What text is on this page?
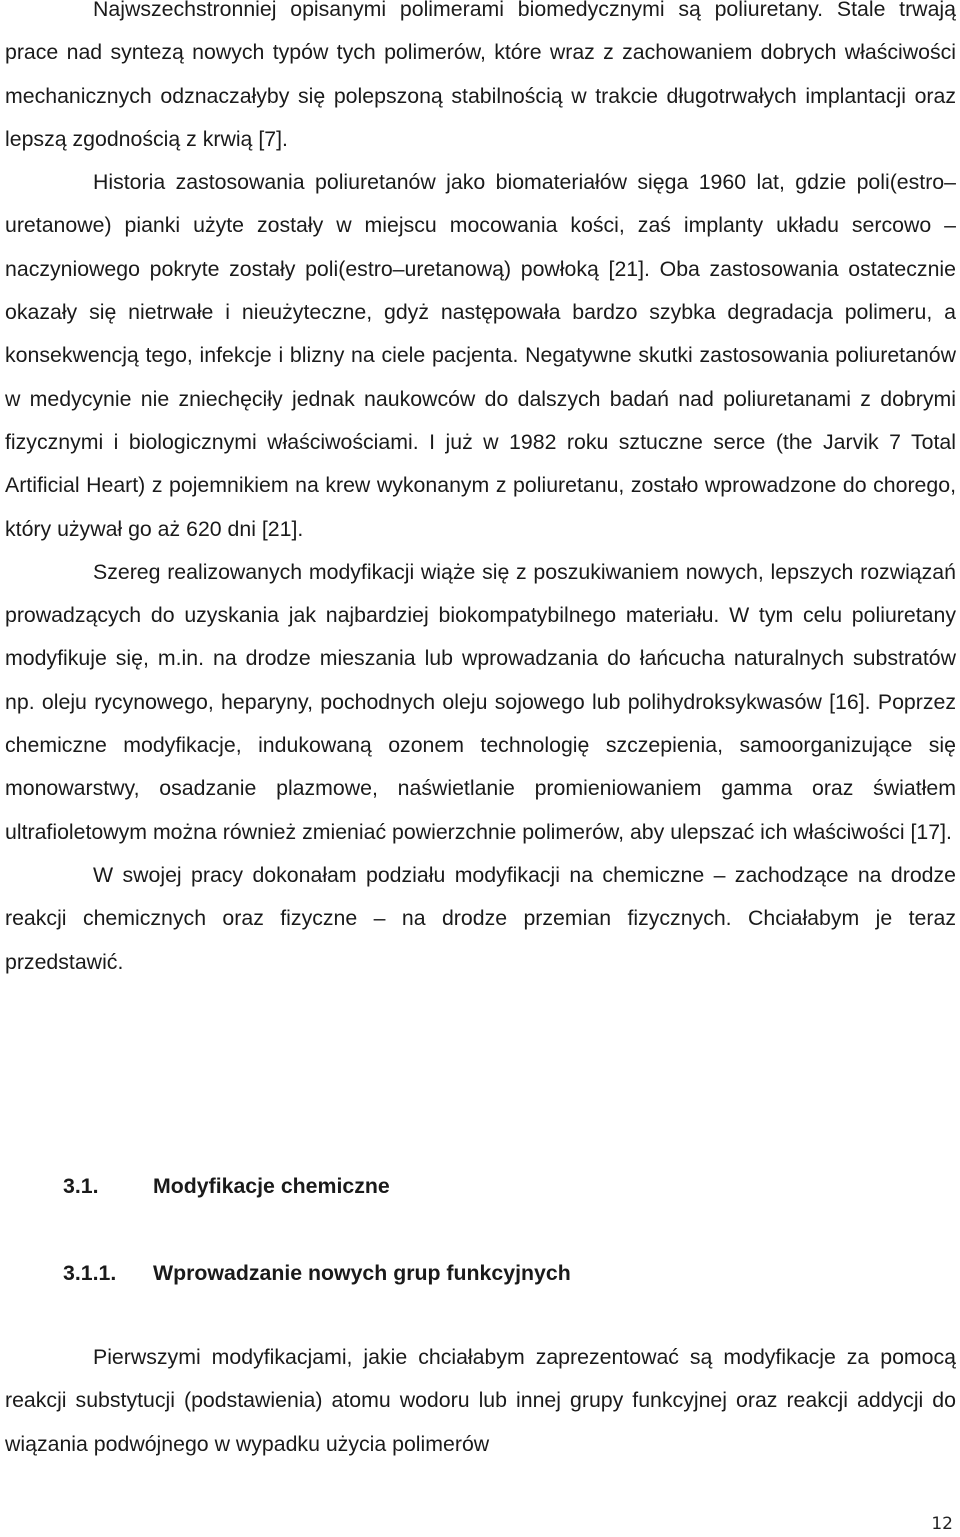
Najwszechstronniej opisanymi polimerami biomedycznymi są poliuretany. Stale trwają prace nad syntezą nowych typów tych polimerów, które wraz z zachowaniem dobrych właściwości mechanicznych odznaczałyby się polepszoną stabilnością w trakcie długotrwałych implantacji oraz lepszą zgodnością z krwią [7].

Historia zastosowania poliuretanów jako biomateriałów sięga 1960 lat, gdzie poli(estro–uretanowe) pianki użyte zostały w miejscu mocowania kości, zaś implanty układu sercowo – naczyniowego pokryte zostały poli(estro–uretanową) powłoką [21]. Oba zastosowania ostatecznie okazały się nietrwałe i nieużyteczne, gdyż następowała bardzo szybka degradacja polimeru, a konsekwencją tego, infekcje i blizny na ciele pacjenta. Negatywne skutki zastosowania poliuretanów w medycynie nie zniechęciły jednak naukowców do dalszych badań nad poliuretanami z dobrymi fizycznymi i biologicznymi właściwościami. I już w 1982 roku sztuczne serce (the Jarvik 7 Total Artificial Heart) z pojemnikiem na krew wykonanym z poliuretanu, zostało wprowadzone do chorego, który używał go aż 620 dni [21].

Szereg realizowanych modyfikacji wiąże się z poszukiwaniem nowych, lepszych rozwiązań prowadzących do uzyskania jak najbardziej biokompatybilnego materiału. W tym celu poliuretany modyfikuje się, m.in. na drodze mieszania lub wprowadzania do łańcucha naturalnych substratów np. oleju rycynowego, heparyny, pochodnych oleju sojowego lub polihydroksykwasów [16]. Poprzez chemiczne modyfikacje, indukowaną ozonem technologię szczepienia, samoorganizujące się monowarstwy, osadzanie plazmowe, naświetlanie promieniowaniem gamma oraz światłem ultrafioletowym można również zmieniać powierzchnie polimerów, aby ulepszać ich właściwości [17].

W swojej pracy dokonałam podziału modyfikacji na chemiczne – zachodzące na drodze reakcji chemicznych oraz fizyczne – na drodze przemian fizycznych. Chciałabym je teraz przedstawić.

3.1.	Modyfikacje chemiczne
3.1.1. Wprowadzanie nowych grup funkcyjnych

Pierwszymi modyfikacjami, jakie chciałabym zaprezentować są modyfikacje za pomocą reakcji substytucji (podstawienia) atomu wodoru lub innej grupy funkcyjnej oraz reakcji addycji do wiązania podwójnego w wypadku użycia polimerów

12
